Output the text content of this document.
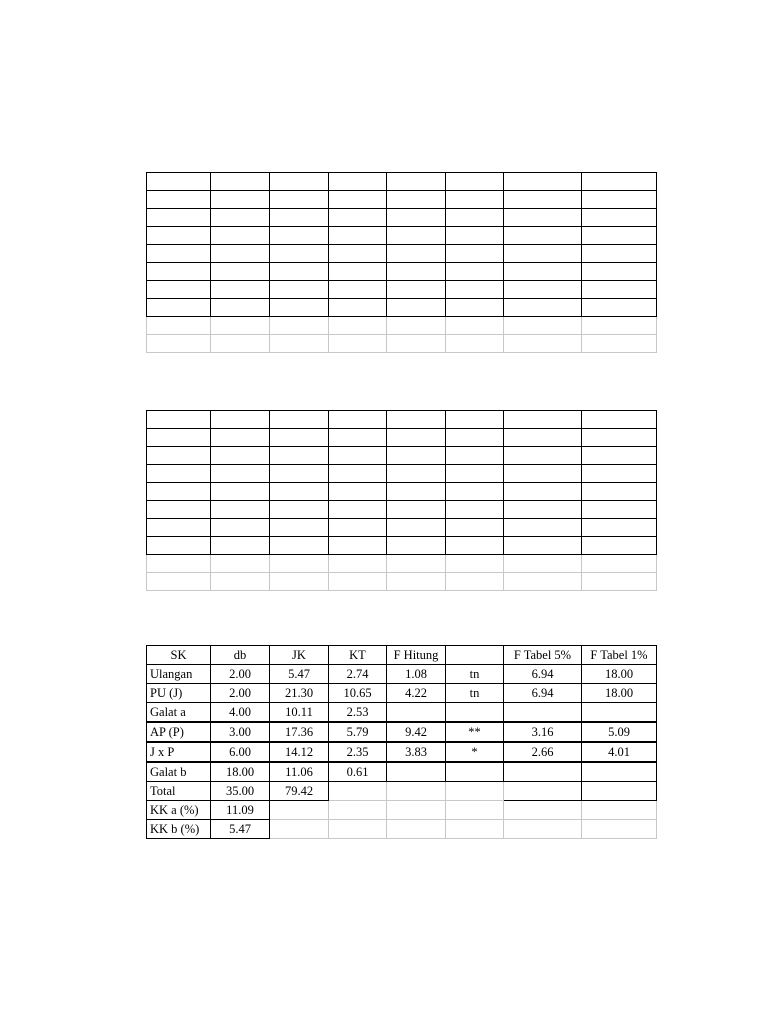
SK	db	JK	KT	F Hitung		F Tabel 5%	F Tabel 1%
Ulangan	2.00	5.47	2.74	1.08	tn	6.94	18.00
PU (J)	2.00	21.30	10.65	4.22	tn	6.94	18.00
Galat a	4.00	10.11	2.53				
AP (P)	3.00	17.36	5.79	9.42	**	3.16	5.09
J x P	6.00	14.12	2.35	3.83	*	2.66	4.01
Galat b	18.00	11.06	0.61				
Total	35.00	79.42					
KK a (%)	11.09						
KK b (%)	5.47						
